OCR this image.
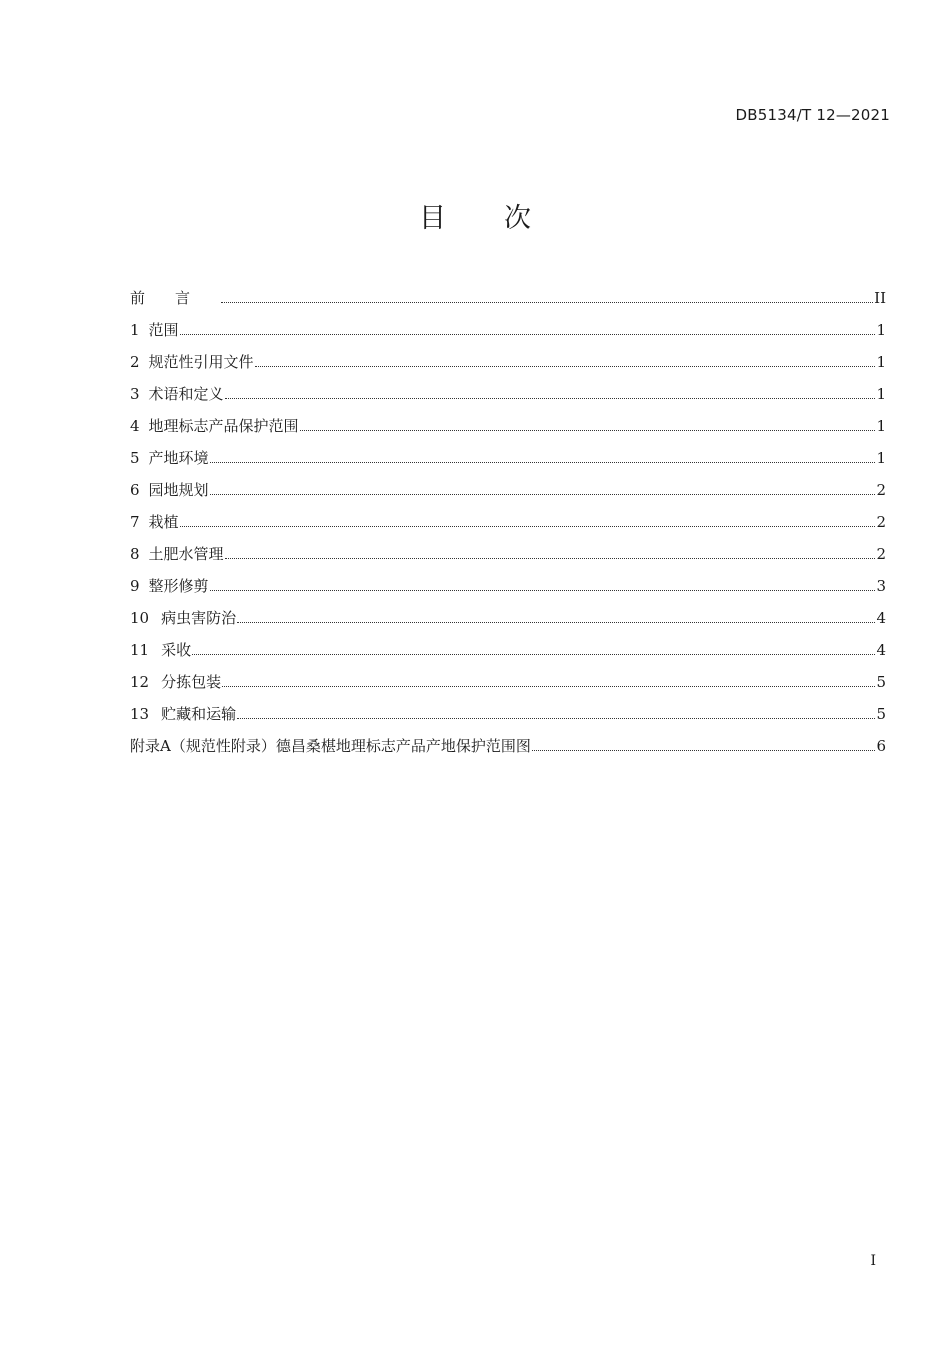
DB5134/T 12—2021
目次
前言	II
1 范围	1
2 规范性引用文件	1
3 术语和定义	1
4 地理标志产品保护范围	1
5 产地环境	1
6 园地规划	2
7 栽植	2
8 土肥水管理	2
9 整形修剪	3
10 病虫害防治	4
11 采收	4
12 分拣包装	5
13 贮藏和运输	5
附录A（规范性附录）德昌桑椹地理标志产品产地保护范围图	6
I
